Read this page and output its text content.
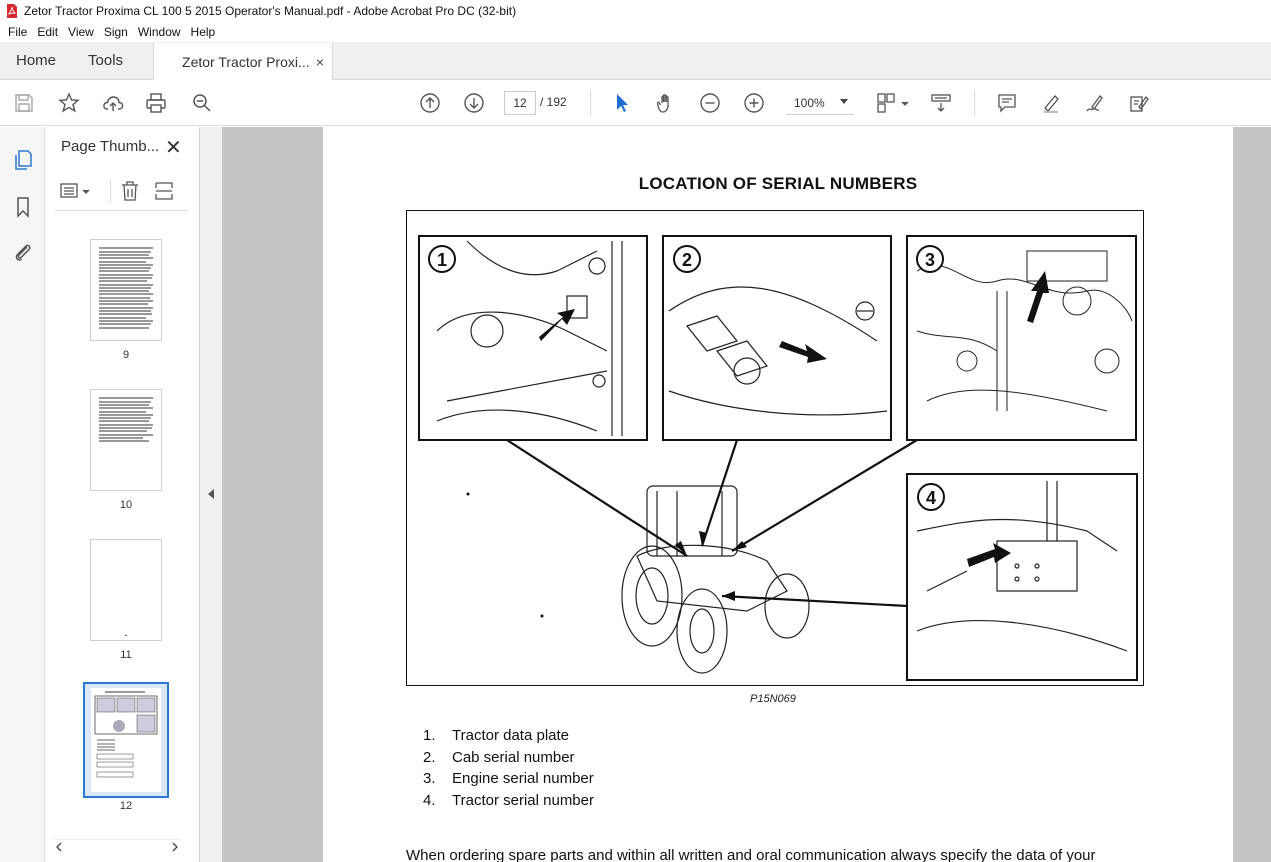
Zetor Tractor Proxima CL 100 5 2015 Operator's Manual.pdf - Adobe Acrobat Pro DC (32-bit)
File Edit View Sign Window Help
Home	Tools	Zetor Tractor Proxi... ×
12	/ 192	100%
Page Thumb... ✕
9
10
11
12
LOCATION OF SERIAL NUMBERS
1	2	3
4
P15N069
1.	Tractor data plate
2.	Cab serial number
3.	Engine serial number
4.	Tractor serial number
When ordering spare parts and within all written and oral communication always specify the data of your
